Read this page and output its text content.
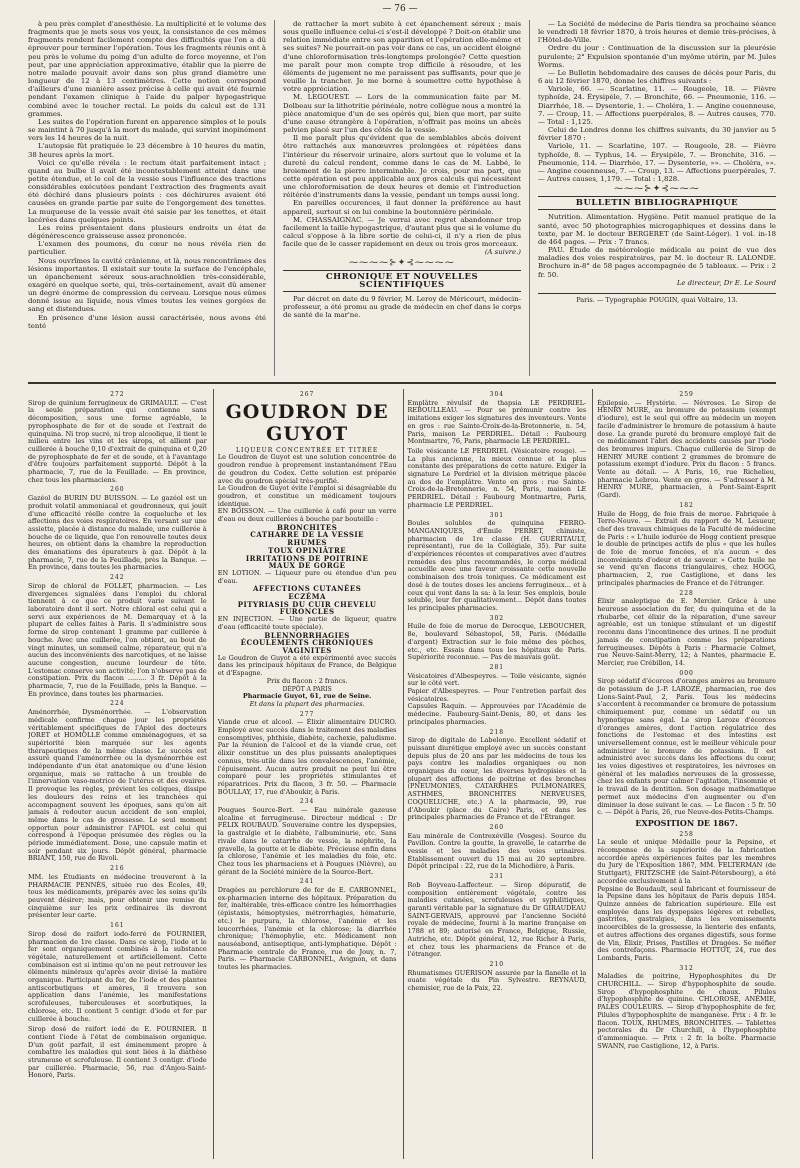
— 76 —

à peu près complet d'anesthésie. La multiplicité et le volume des fragments que je mets sous vos yeux, la consistance de ces mêmes fragments rendent facilement compte des difficultés que l'on a dû éprouver pour terminer l'opération. Tous les fragments réunis ont à peu près le volume du poing d'un adulte de force moyenne, et l'on peut, par une appréciation approximative, établir que la pierre de notre malade pouvait avoir dans son plus grand diamètre une longueur de 12 à 13 centimètres. Cette notion correspond d'ailleurs d'une manière assez précise à celle qui avait été fournie pendant l'examen clinique à l'aide du palper hypogastrique combiné avec le toucher rectal. Le poids du calcul est de 131 grammes.

Les suites de l'opération furent en apparence simples et le pouls se maintint à 70 jusqu'à la mort du malade, qui survint inopinément vers les 14 heures de la nuit.

L'autopsie fût pratiquée le 23 décembre à 10 heures du matin, 38 heures après la mort.

Voici ce qu'elle révéla : le rectum était parfaitement intact ; quand au bulbe il avait été incontestablement atteint dans une petite étendue, et le col de la vessie sous l'influence des tractions considérables exécutées pendant l'extraction des fragments avait été déchiré dans plusieurs points : ces déchirures avaient été causées en grande partie par suite de l'engorgement des tenettes. La muqueuse de la vessie avait été saisie par les tenettes, et était lacérées dans quelques points.

Les reins présentaient dans plusieurs endroits un état de dégénérescence graisseuse assez prononcée.

L'examen des poumons, du cœur ne nous révéla rien de particulier.

Nous ouvrîmes la cavité crânienne, et là, nous rencontrâmes des lésions importantes. Il existait sur toute la surface de l'encéphale, un épanchement séreux sous-arachnoïdien très-considérable, exagéré en quelque sorte, qui, très-certainement, avait dû amener un degré énorme de compression du cerveau. Lorsque nous eûmes donné issue au liquide, nous vîmes toutes les veines gorgées de sang et distendues.

En présence d'une lésion aussi caractérisée, nous avons été tenté

de rattacher la mort subite à cet épanchement séreux ; mais sous quelle influence celui-ci s'est-il développé ? Doit-on établir une relation immédiate entre son apparition et l'opération elle-même et ses suites? Ne pourrait-on pas voir dans ce cas, un accident éloigné d'une chloroformisation très-longtemps prolongée? Cette question me paraît pour mon compte trop difficile à résoudre, et les éléments de jugement ne me paraissent pas suffisants, pour que je veuille la trancher. Je me borne à soumettre cette hypothèse à votre appréciation.

M. LEGOUEST. — Lors de la communication faite par M. Dolbeau sur la lithotritie périnéale, notre collègue nous a montré la pièce anatomique d'un de ses opérés qui, bien que mort, par suite d'une cause étrangère à l'opération, n'offrait pas moins un abcès pelvien placé sur l'un des côtés de la vessie.

Il me paraît plus qu'évident que de semblables abcès doivent être rattachés aux manœuvres prolongées et répétées dans l'intérieur du réservoir urinaire, alors surtout que le volume et la dureté du calcul rendent, comme dans le cas de M. Labbé, le broiement de la pierre interminable. Je crois, pour ma part, que cette opération est peu applicable aux gros calculs qui nécessitent une chloroformisation de deux heures et demie et l'introduction réitérée d'instruments dans la vessie, pendant un temps aussi long.

En pareilles occurences, il faut donner la préférence au haut appareil, surtout si on lui combine la boutonnière périnéale.

M. CHASSAIGNAC. — Je verrai avec regret abandonner trop facilement la taille hypogastrique, d'autant plus que si le volume du calcul s'oppose à la libre sortie de celui-ci, il n'y a rien de plus facile que de le casser rapidement en deux ou trois gros morceaux.

(A suivre.)
⁓⁓⁓⁓⊱✦⊰⁓⁓⁓⁓
CHRONIQUE ET NOUVELLES SCIENTIFIQUES

Par décret en date du 9 février, M. Leroy de Méricourt, médecin-professeur, a été promu au grade de médecin en chef dans le corps de santé de la mar'ne.

— La Société de médecine de Paris tiendra sa prochaine séance le vendredi 18 février 1870, à trois heures et demie très-précises, à l'Hôtel-de-Ville.

Ordre du jour : Continuation de la discussion sur la pleurésie purulente; 2° Expulsion spontanée d'un myôme utérin, par M. Jules Worms.

— Le Bulletin hebdomadaire des causes de décès pour Paris, du 6 au 12 février 1870, donne les chiffres suivants :

Variole, 66. — Scarlatine, 11. — Rougeole, 18. — Fièvre typhoïde, 24. Érysipèle, 7. — Bronchite, 66. — Pneumonie, 116. — Diarrhée, 18. — Dysenterie, 1. — Choléra, 1. — Angine couenneuse, 7. — Croup, 11. — Affections puerpérales, 8. — Autres causes, 770. — Total : 1,125.

Celui de Londres donne les chiffres suivants, du 30 janvier au 5 février 1870 :

Variole, 11. — Scarlatine, 107. — Rougeole, 28. — Fièvre typhoïde, 8. — Typhus, 14. — Érysipèle, 7. — Bronchite, 316. — Pneumonie, 114. — Diarrhée, 17. — Dysenterie, »». — Choléra, »». — Angine couenneuse, 7. — Croup, 13. — Affections puerpérales, 7. — Autres causes, 1,179. — Total : 1,828.

⁓⁓⁓⊱✦⊰⁓⁓⁓
BULLETIN BIBLIOGRAPHIQUE

Nutrition. Alimentation. Hygiène. Petit manuel pratique de la santé, avec 50 photographies microgaphiques et dessins dans le texte, par M. le docteur BERGERET (de Saint-Léger). 1 vol. in-18 de 464 pages. — Prix : 7 francs.

PAU. Étude de météorologie médicale au point de vue des maladies des voies respiratoires, par M. le docteur R. LALONDE. Brochure in-8° de 58 pages accompagnée de 5 tableaux. — Prix : 2 fr. 50.

Le directeur, Dr E. Le Sourd
Paris. — Typographie POUGIN, quai Voltaire, 13.
272
Sirop de quinium ferrugineux de GRIMAULT. — C'est la seule préparation qui contienne sans décomposition, sous une forme agréable, le pyrophosphate de fer et de soude et l'extrait de quinquina. Ni trop sucré, ni trop alcoolique, il tient le milieu entre les vins et les sirops, et allient par cuillerée à bouche 0,10 d'extrait de quinquina et 0,20 de pyrophosphate de fer et de soude, et à l'avantage d'être toujours parfaitement supporté. Dépôt à la pharmacie, 7, rue de la Feuillade. — En province, chez tous les pharmaciens.
260
Gazéol de BURIN DU BUISSON. — Le gazéol est un produit volatil ammoniacal et goudronneux, qui jouit d'une efficacité réelle contre la coqueluche et les affections des voies respiratoires. En versant sur une assiette, placée à distance du malade, une cuillerée à bouche de ce liquide, que l'on renouvelle toutes deux heures, on obtient dans la chambre la reproduction des émanations des épurateurs à gaz. Dépôt à la pharmacie, 7, rue de la Feuillade, près la Banque. — En province, dans toutes les pharmacies.
242
Sirop de chloral de FOLLET, pharmacien. — Les divergences signalées dans l'emploi du chloral tiennent à ce que ce produit varie suivant le laboratoire dont il sort. Notre chloral est celui qui a servi aux expériences de M. Demarquay et à la plupart de celles faites à Paris. Il s'administre sous forme de sirop contenant 1 gramme par cuillerée à bouche. Avec une cuillerée, l'on obtient, au bout de vingt minutes, un sommeil calme, réparateur, qui n'a aucun des inconvénients des narcotiques, et ne laisse aucune congestion, aucune lourdeur de tête. L'estomac conserve son activité; l'on n'observe pas de constipation. Prix du flacon ......... 3 fr. Dépôt à la pharmacie, 7, rue de la Feuillade, près la Banque. — En province, dans toutes les pharmacies.
224
Aménorrhée, Dysménorrhée. — L'observation médicale confirme chaque jour les propriétés véritablement spécifiques de l'Apiol des docteurs JORET et HOMOLLE comme emménagogues, et sa supériorité bien marquée sur les agents thérapeutiques de la même classe. Le succès est assuré quand l'aménorrhée ou la dysménorrhée est indépendante d'un état anatomique ou d'une lésion organique, mais se rattache à un trouble de l'innervation vaso-motrice de l'utérus et des ovaires. Il provoque les règles, prévient les coliques, dissipe les douleurs des reins et les tranchées qui accompagnent souvent les époques, sans qu'on ait jamais à redouter aucun accident de son emploi, même dans le cas de grossesse. Le seul moment opportun pour administrer l'APIOL est celui qui correspond à l'époque présumée des règles ou la période immédiatement. Dose, une capsule matin et soir pendant six jours. Dépôt général, pharmacie BRIANT, 150, rue de Rivoli.
216
MM. les Étudiants en médecine trouveront à la PHARMACIE PENNÈS, située rue des Écoles, 49, tous les médicaments, préparés avec les soins qu'ils peuvent désirer; mais, pour obtenir une remise du cinquième sur les prix ordinaires ils devront présenter leur carte.
161
Sirop dosé de raifort iodo-ferré de FOURNIER, pharmacien de 1re classe. Dans ce sirop, l'iode et le fer sont organiquement combinés à la substance végétale, naturellement et artificiellement. Cette combinaison est si intime qu'on ne peut retrouver les éléments minéraux qu'après avoir divisé la matière organique. Participant du fer, de l'iode et des plantes antiscorbutiques et amères, il trouvera son application dans l'anémie, les manifestations scrofuleuses, tuberculeuses et scorbutiques, la chlorose, etc. Il contient 5 centigr. d'iode et fer par cuillerée à bouche.
Sirop dosé de raifort iodé de E. FOURNIER. Il contient l'iode à l'état de combinaison organique. D'un goût parfait, il est éminemment propre à combattre les maladies qui sont liées à la diathèse strumeuse et scrofuleuse. Il contient 3 centigr. d'iode par cuillerée. Pharmacie, 56, rue d'Anjou-Saint-Honoré, Paris.
267
GOUDRON DE GUYOT
LIQUEUR CONCENTRÉE ET TITRÉE
Le Goudron de Guyot est une solution concentrée de goudron rendue à proprement instantanément l'Eau de goudron du Codex. Cette solution est préparée avec du goudron spécial très-purifié.
Le Goudron de Guyot évite l'emploi si désagréable du goudron, et constitue un médicament toujours identique.
EN BOISSON. — Une cuillerée à café pour un verre d'eau ou deux cuillerées à bouche par bouteille :
BRONCHITES
CATHARRE DE LA VESSIE
RHUMES
TOUX OPINIÂTRE
IRRITATIONS DE POITRINE
MAUX DE GORGE
EN LOTION. — Liqueur pure ou étendue d'un peu d'eau.
AFFECTIONS CUTANÉES
ECZÉMA
PITYRIASIS DU CUIR CHEVELU
FURONCLES
EN INJECTION. — Une partie de liqueur, quatre d'eau (efficacité toute spéciale).
BLENNORRHAGIES
ÉCOULEMENTS CHRONIQUES
VAGINITES
Le Goudron de Guyot a été expérimenté avec succès dans les principaux hôpitaux de France, de Belgique et d'Espagne.
Prix du flacon : 2 francs.
DÉPÔT A PARIS
Pharmacie Guyot, 61, rue de Seine.
Et dans la plupart des pharmacies.
277
Viande crue et alcool. — Élixir alimentaire DUCRO. Employé avec succès dans le traitement des maladies consomptives, phthisie, diabète, cachexie, paludisme. Par la réunion de l'alcool et de la viande crue, cet élixir constitue un des plus puissants analeptiques connus, très-utile dans les convalescences, l'anémie, l'épuisement. Aucun autre produit ne peut lui être comparé pour les propriétés stimulantes et réparatrices. Prix du flacon, 3 fr. 50. — Pharmacie BOULLAY, 17, rue d'Aboukir, à Paris.
234
Pougues Source-Bert. — Eau minérale gazeuse alcaline et ferrugineuse. Directeur médical : Dr FÉLIX ROUBAUD. Souveraine contre les dyspepsies, la gastralgie et le diabète, l'albuminurie, etc. Sans rivale dans le catarrhe de vessie, la néphrite, la gravelle, la goutte et le diabète. Précieuse enfin dans la chlorose, l'anémie et les maladies du foie, etc. Chez tous les pharmaciens et à Pougues (Nièvre), au gérant de la Société minière de la Source-Bert.
241
Dragées au perchlorure de fer de E. CARBONNEL, ex-pharmacien interne des hôpitaux. Préparation du fer, inaltérable, très-efficace contre les hémorrhagies (épistaxis, hémoptysies, métrorrhagies, hématurie, etc.) le purpura, la chlorose, l'anémie et les leucorrhées, l'anémie et la chlorose; la diarrhée chronique; l'hémophylie, etc. Médicament non nauséabond, antiseptique, anti-lymphatique. Dépôt : Pharmacie centrale de France, rue de Jouy, n. 7, Paris. — Pharmacie CARBONNEL, Avignon, et dans toutes les pharmacies.
304
Emplâtre révulsif de thapsia LE PERDRIEL-REBOULLEAU. — Pour se prémunir contre les imitations exiger les signatures des inventeurs. Vente en gros : rue Sainte-Croix-de-la-Bretonnerie, n. 54, Paris, maison Le PERDRIEL. Détail : Faubourg Montmartre, 76, Paris, pharmacie LE PERDRIEL.
Toile vésicante LE PERDRIEL (Vésicatoire rouge). — La plus ancienne, la mieux connue et la plus constante des préparations de cette nature. Exiger la signature Le Perdriel et la division métrique placée au dos de l'emplâtre. Vente en gros : rue Sainte-Croix-de-la-Bretonnerie, n. 54, Paris, maison LE PERDRIEL. Détail : Faubourg Montmartre, Paris, pharmacie LE PERDRIEL.
301
Boules solubles de quinquina FERRO-MANGANIQUES, d'Émile PERRET, chimiste, pharmacien de 1re classe (H. GUÉRITAULT, représentant), rue de la Collégiale, 35). Par suite d'expériences récentes et comparatives avec d'autres remèdes des plus recommandés, le corps médical accueille avec une faveur croissante cette nouvelle combinaison des trois toniques. Ce médicament est dosé à de toutes doses les anciens ferrugineux... et à ceux qui vont dans la sa: à la leur. Ses emplois, boule soluble, leur fer qualitativement... Dépôt dans toutes les principales pharmacies.
302
Huile de foie de morue de Derocque, LEBOUCHER, 8e, boulevard Sébastopol, 58, Paris. (Médaille d'argent) Extraction sur le foie même des pêches, etc., etc. Essais dans tous les hôpitaux de Paris. Supériorité reconnue. — Pas de mauvais goût.
281
Vésicatoires d'Albespeyres. — Toile vésicante, signée sur le côté vert.
Papier d'Albespeyres. — Pour l'entretien parfait des vésicatoires.
Capsules Raquin. — Approuvées par l'Académie de médecine. Faubourg-Saint-Denis, 80, et dans les principales pharmacies.
218
Sirop de digitale de Labelonye. Excellent sédatif et puissant diurétique employé avec un succès constant depuis plus de 20 ans par les médecins de tous les pays contre les maladies organiques ou non organiques du cœur, les diverses hydropisies et la plupart des affections de poitrine et des bronches (PNEUMONIES, CATARRHES PULMONAIRES, ASTHMES, BRONCHITES NERVEUSES, COQUELUCHE, etc.) A la pharmacie, 99, rue d'Aboukir (place du Caire) Paris, et dans les principales pharmacies de France et de l'Étranger.
260
Eau minérale de Contrexéville (Vosges). Source du Pavillon. Contre la goutte, la gravelle, le catarrhe de vessie et les maladies des voies urinaires. Établissement ouvert du 15 mai au 20 septembre. Dépôt principal : 22, rue de la Michodière, à Paris.
231
Rob Boyveau-Laffecteur. — Sirop dépuratif, de composition entièrement végétale, contre les maladies cutanées, scrofuleuses et syphilitiques, garanti véritable par la signature du Dr GIRAUDEAU SAINT-GERVAIS, approuvé par l'ancienne Société royale de médecine, fourni à la marine française en 1788 et 89; autorisé en France, Belgique, Russie, Autriche, etc. Dépôt général, 12, rue Richer à Paris, et chez tous les pharmaciens de France et de l'étranger.
210
Rhumatismes GUÉRISON assurée par la flanelle et la ouate végétale du Pin Sylvestre. REYNAUD, chemisier, rue de la Paix, 22.
259
Épilepsie. — Hystérie. — Névroses. Le Sirop de HENRY MURE, au bromure de potassium (exempt d'iodure), est le seul qui offre au médecin un moyen facile d'administrer le bromure de potassium à haute dose. La grande pureté du bromure employé fait de ce médicament l'abri des accidents causés par l'iode des bromures impurs. Chaque cuillerée de Sirop de HENRY MURE contient 2 grammes de bromure de potassium exempt d'iodure. Prix du flacon : 5 francs. Vente au détail. — A Paris, 16, rue Richelieu, pharmacie Lebrou. Vente en gros. — S'adresser à M. HENRY MURE, pharmacien, à Pont-Saint-Esprit (Gard).
182
Huile de Hogg, de foie frais de morue. Fabriquée à Terre-Neuve. — Extrait du rapport de M. Lesueur, chef des travaux chimiques de la Faculté de médecine de Paris : « L'huile iodurée de Hogg contient presque le double de principes actifs de plus « que les huiles de foie de morue foncées, et n'a aucun « des inconvénients d'odeur et de saveur. » Cette huile ne se vend qu'en flacons triangulaires, chez HOGG, pharmacien, 2, rue Castiglione, et dans les principales pharmacies de France et de l'étranger.
228
Élixir analeptique de E. Mercier. Grâce à une heureuse association du fer, du quinquina et de la rhubarbe, cet élixir de la réparation, d'une saveur agréable, est un tonique stimulant et un digestif reconnu dans l'incontinence des urines. Il ne produit jamais de constipation comme les préparations ferrugineuses. Dépôts à Paris : Pharmacie Colmet, rue Neuve-Saint-Merry, 12; à Nantes, pharmacie E. Mercier, rue Crébillon, 14.
000
Sirop sédatif d'écorces d'oranges amères au bromure de potassium de J.-P. LAROZE, pharmacien, rue des Lions-Saint-Paul, 2, Paris. Tous les médecins s'accordent à recommander ce bromure de potassium chimiquement pur, comme un sédatif ou un hypnotique sans égal. Le sirop Laroze d'écorces d'oranges amères, dont l'action régulatrice des fonctions de l'estomac et des intestins est universellement connue, est le meilleur véhicule pour administrer le bromure de potassium. Il est administré avec succès dans les affections du cœur, les voies digestives et respiratoires, les névroses en général et les maladies nerveuses de la grossesse, chez les enfants pour calmer l'agitation, l'insomnie et le travail de la dentition. Son dosage mathématique permet aux médecins d'en augmenter ou d'en diminuer la dose suivant le cas. — Le flacon : 5 fr. 50 c. — Dépôt à Paris, 26, rue Neuve-des-Petits-Champs.
EXPOSITION DE 1867.
258
La seule et unique Médaille pour la Pepsine, et récompense de la supériorité de la fabrication accordée après expériences faites par les membres du Jury de l'Exposition 1867, MM. FELTERMAN (de Stuttgart), FRITZSCHE (de Saint-Pétersbourg), a été accordée exclusivement à la
Pepsine de Boudault, seul fabricant et fournisseur de la Pepsine dans les hôpitaux de Paris depuis 1854. Quinze années de fabrication supérieure. Elle est employée dans les dyspepsies légères et rebelles, gastrites, gastralgies, dans les vomissements incoercibles de la grossesse, la lienterie des enfants, et autres affections des organes digestifs, sous forme de Vin, Élixir, Prises, Pastilles et Dragées. Se méfier des contrefaçons. Pharmacie HOTTOT, 24, rue des Lombards, Paris.
312
Maladies de poitrine, Hypophosphites du Dr CHURCHILL. — Sirop d'hypophosphite de soude. Sirop d'hypophosphite de chaux. Pilules d'hypophosphite de quinine. CHLOROSE, ANÉMIE, PALES COULEURS. — Sirop d'hypophosphite de fer, Pilules d'hypophosphite de manganèse. Prix : 4 fr. le flacon. TOUX, RHUMES, BRONCHITES. — Tablettes pectorales du Dr Churchill, à l'hypophosphite d'ammoniaque. — Prix : 2 fr. la boîte. Pharmacie SWANN, rue Castiglione, 12, à Paris.
